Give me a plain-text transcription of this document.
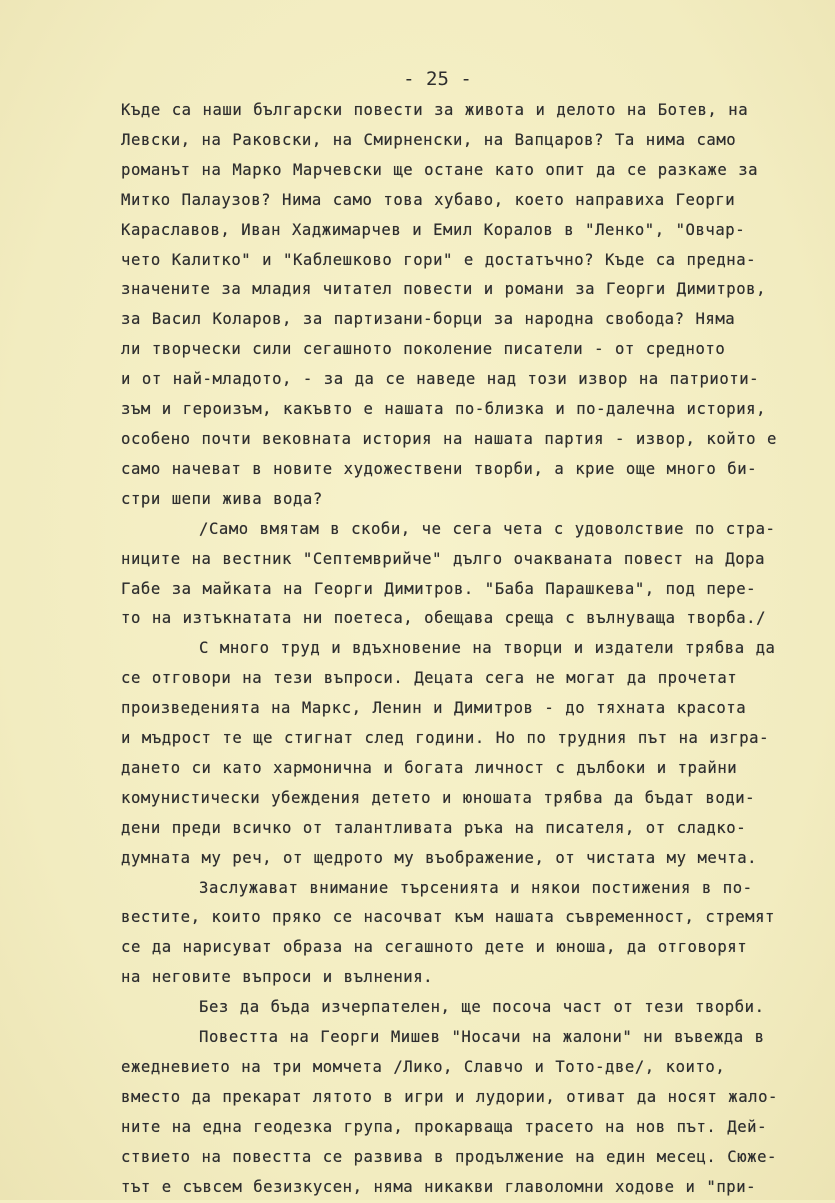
- 25 -
Къде са наши български повести за живота и делото на Ботев, на
Левски, на Раковски, на Смирненски, на Вапцаров? Та нима само
романът на Марко Марчевски ще остане като опит да се разкаже за
Митко Палаузов? Нима само това хубаво, което направиха Георги
Караславов, Иван Хаджимарчев и Емил Коралов в "Ленко", "Овчар-
чето Калитко" и "Каблешково гори" е достатъчно? Къде са предна-
значените за младия читател повести и романи за Георги Димитров,
за Васил Коларов, за партизани-борци за народна свобода? Няма
ли творчески сили сегашното поколение писатели - от средното
и от най-младото, - за да се наведе над този извор на патриоти-
зъм и героизъм, какъвто е нашата по-близка и по-далечна история,
особено почти вековната история на нашата партия - извор, който е
само начеват в новите художествени творби, а крие още много би-
стри шепи жива вода?
/Само вмятам в скоби, че сега чета с удоволствие по стра-
ниците на вестник "Септемврийче" дълго очакваната повест на Дора
Габе за майката на Георги Димитров. "Баба Парашкева", под пере-
то на изтъкнатата ни поетеса, обещава среща с вълнуваща творба./
С много труд и вдъхновение на творци и издатели трябва да
се отговори на тези въпроси. Децата сега не могат да прочетат
произведенията на Маркс, Ленин и Димитров - до тяхната красота
и мъдрост те ще стигнат след години. Но по трудния път на изгра-
дането си като хармонична и богата личност с дълбоки и трайни
комунистически убеждения детето и юношата трябва да бъдат води-
дени преди всичко от талантливата ръка на писателя, от сладко-
думната му реч, от щедрото му въображение, от чистата му мечта.
Заслужават внимание търсенията и някои постижения в по-
вестите, които пряко се насочват към нашата съвременност, стремят
се да нарисуват образа на сегашното дете и юноша, да отговорят
на неговите въпроси и вълнения.
Без да бъда изчерпателен, ще посоча част от тези творби.
Повестта на Георги Мишев "Носачи на жалони" ни въвежда в
ежедневието на три момчета /Лико, Славчо и Тото-две/, които,
вместо да прекарат лятото в игри и лудории, отиват да носят жало-
ните на една геодезка група, прокарваща трасето на нов път. Дей-
ствието на повестта се развива в продължение на един месец. Сюже-
тът е съвсем безизкусен, няма никакви главоломни ходове и "при-
